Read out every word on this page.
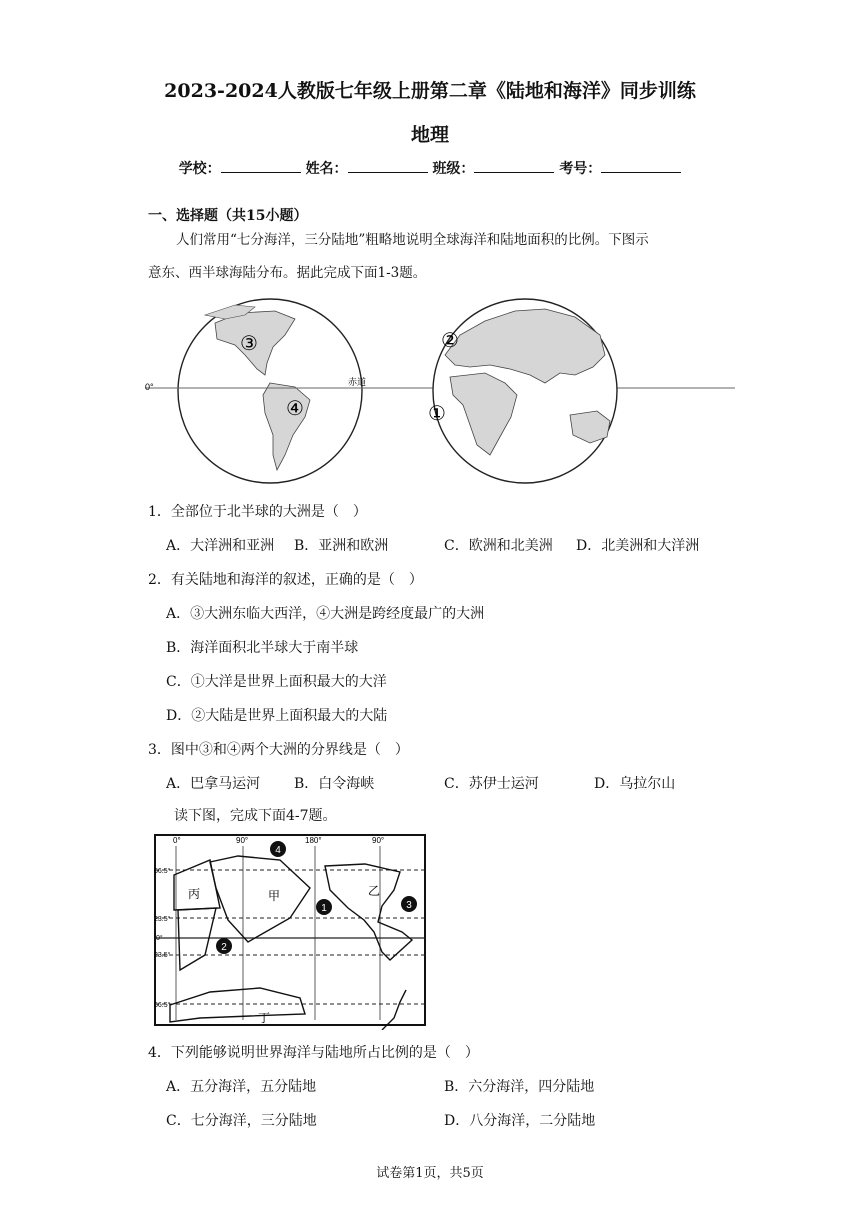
2023-2024人教版七年级上册第二章《陆地和海洋》同步训练
地理
学校：	姓名：	班级：	考号：
一、选择题（共15小题）
人们常用“七分海洋，三分陆地”粗略地说明全球海洋和陆地面积的比例。下图示
意东、西半球海陆分布。据此完成下面1-3题。
0°	赤道
③	②
④	①
1．全部位于北半球的大洲是（　）
A．大洋洲和亚洲 B．亚洲和欧洲	C．欧洲和北美洲 D．北美洲和大洋洲
2．有关陆地和海洋的叙述，正确的是（　）
A．③大洲东临大西洋，④大洲是跨经度最广的大洲
B．海洋面积北半球大于南半球
C．①大洋是世界上面积最大的大洋
D．②大陆是世界上面积最大的大陆
3．图中③和④两个大洲的分界线是（　）
A．巴拿马运河 B．白令海峡	C．苏伊士运河	D．乌拉尔山
读下图，完成下面4-7题。
0°	90°	180°	90°
66.5°
23.5°
0°
23.5°
66.5°
丙	甲	乙
丁
4
1	3
2
4．下列能够说明世界海洋与陆地所占比例的是（　）
A．五分海洋，五分陆地	B．六分海洋，四分陆地
C．七分海洋，三分陆地	D．八分海洋，二分陆地
试卷第1页，共5页
